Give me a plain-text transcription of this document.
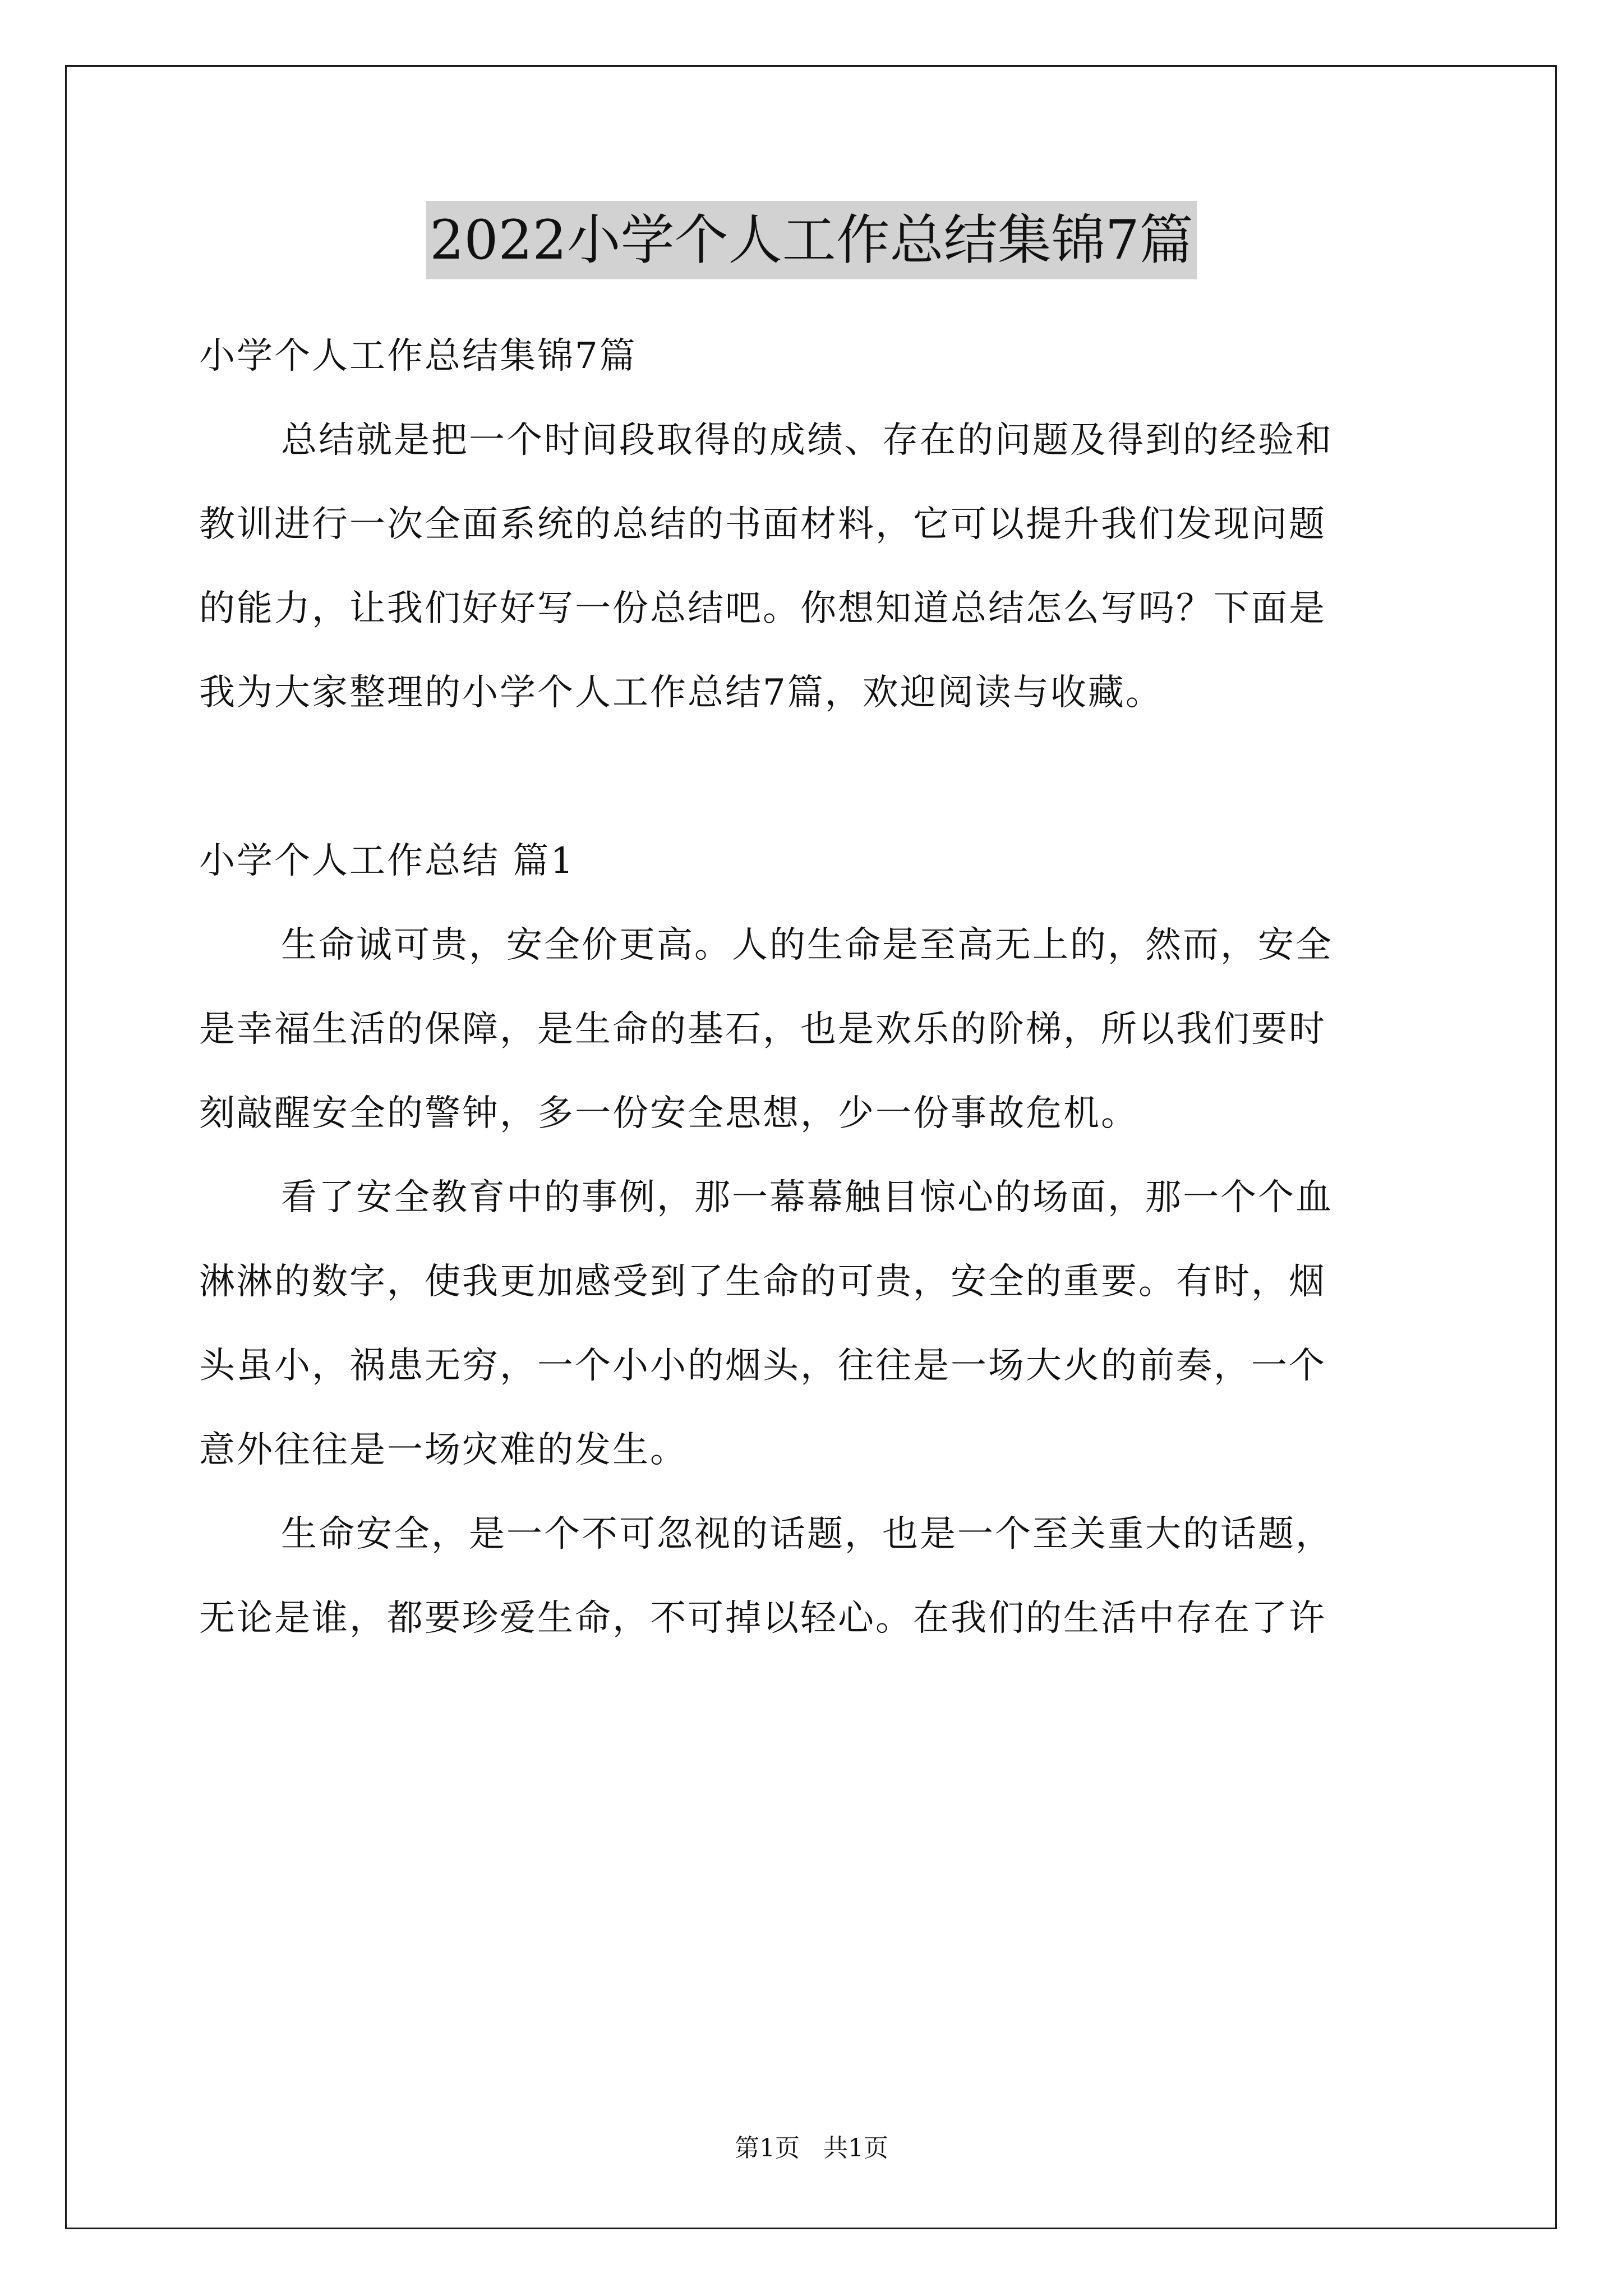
2022小学个人工作总结集锦7篇
小学个人工作总结集锦7篇
总结就是把一个时间段取得的成绩、存在的问题及得到的经验和
教训进行一次全面系统的总结的书面材料，它可以提升我们发现问题
的能力，让我们好好写一份总结吧。你想知道总结怎么写吗？下面是
我为大家整理的小学个人工作总结7篇，欢迎阅读与收藏。
小学个人工作总结 篇1
生命诚可贵，安全价更高。人的生命是至高无上的，然而，安全
是幸福生活的保障，是生命的基石，也是欢乐的阶梯，所以我们要时
刻敲醒安全的警钟，多一份安全思想，少一份事故危机。
看了安全教育中的事例，那一幕幕触目惊心的场面，那一个个血
淋淋的数字，使我更加感受到了生命的可贵，安全的重要。有时，烟
头虽小，祸患无穷，一个小小的烟头，往往是一场大火的前奏，一个
意外往往是一场灾难的发生。
生命安全，是一个不可忽视的话题，也是一个至关重大的话题，
无论是谁，都要珍爱生命，不可掉以轻心。在我们的生活中存在了许
第1页   共1页
